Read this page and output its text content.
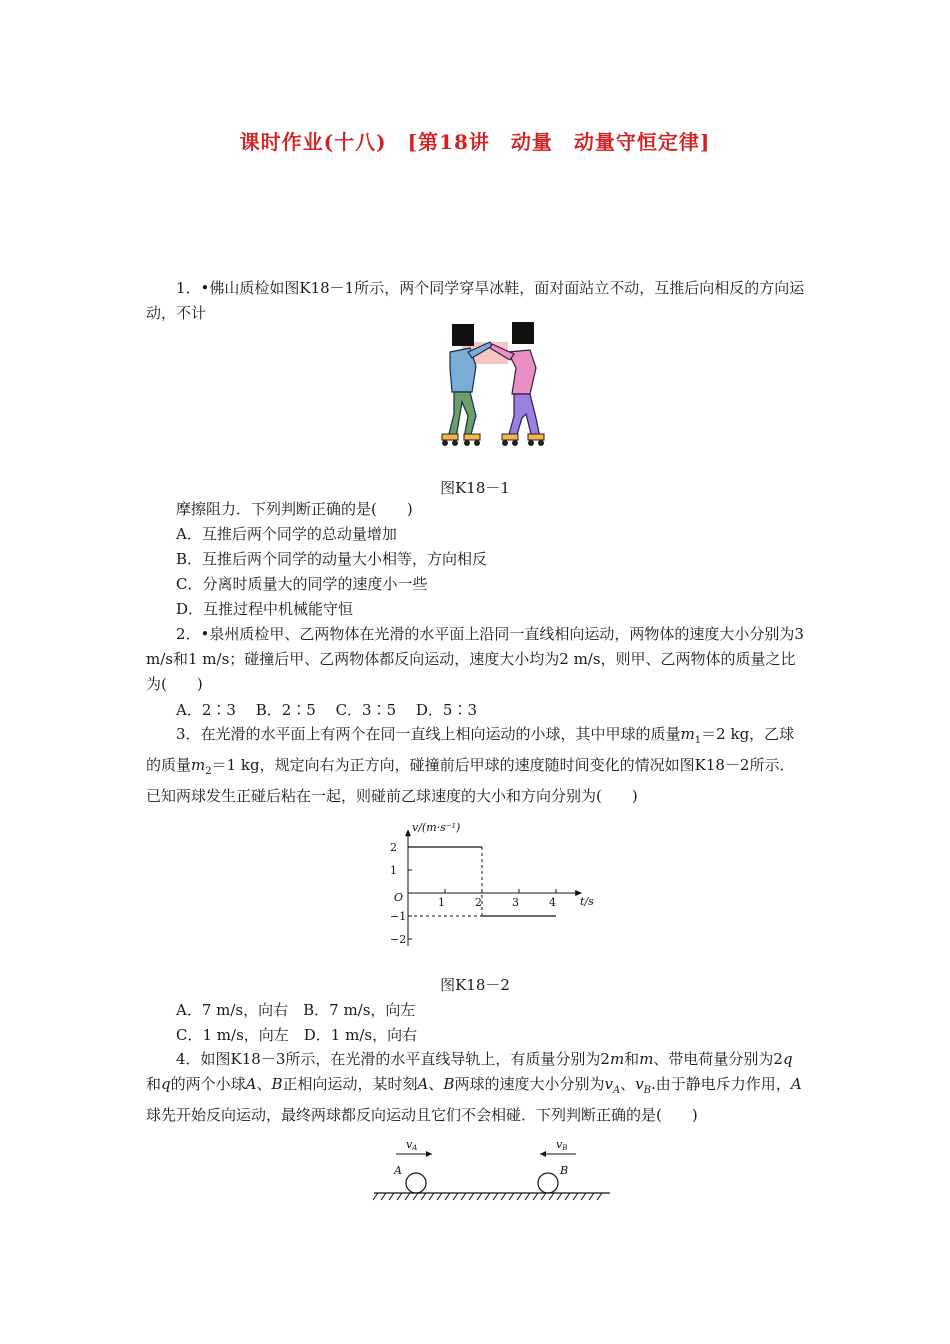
课时作业(十八)　[第18讲　动量　动量守恒定律]

1．•佛山质检如图K18－1所示，两个同学穿旱冰鞋，面对面站立不动，互推后向相反的方向运动，不计

图K18－1

摩擦阻力．下列判断正确的是(　　)

A．互推后两个同学的总动量增加

B．互推后两个同学的动量大小相等，方向相反

C．分离时质量大的同学的速度小一些

D．互推过程中机械能守恒

2．•泉州质检甲、乙两物体在光滑的水平面上沿同一直线相向运动，两物体的速度大小分别为3 m/s和1 m/s；碰撞后甲、乙两物体都反向运动，速度大小均为2 m/s，则甲、乙两物体的质量之比为(　　)

A．2∶3　 B．2∶5　 C．3∶5　 D．5∶3

3．在光滑的水平面上有两个在同一直线上相向运动的小球，其中甲球的质量$m_1=2$ kg，乙球的质量$m_2=1$ kg，规定向右为正方向，碰撞前后甲球的速度随时间变化的情况如图K18－2所示．已知两球发生正碰后粘在一起，则碰前乙球速度的大小和方向分别为(　　)

1	2	3	4
2
1
−1
−2
v/(m·s⁻¹)
t/s
O
图K18－2

A．7 m/s，向右　B．7 m/s，向左

C．1 m/s，向左　D．1 m/s，向右

4．如图K18－3所示，在光滑的水平直线导轨上，有质量分别为2m和m、带电荷量分别为2q和q的两个小球A、B正相向运动，某时刻A、B两球的速度大小分别为$v_A$、$v_B$.由于静电斥力作用，A球先开始反向运动，最终两球都反向运动且它们不会相碰．下列判断正确的是(　　)

vA	vB
A	B
